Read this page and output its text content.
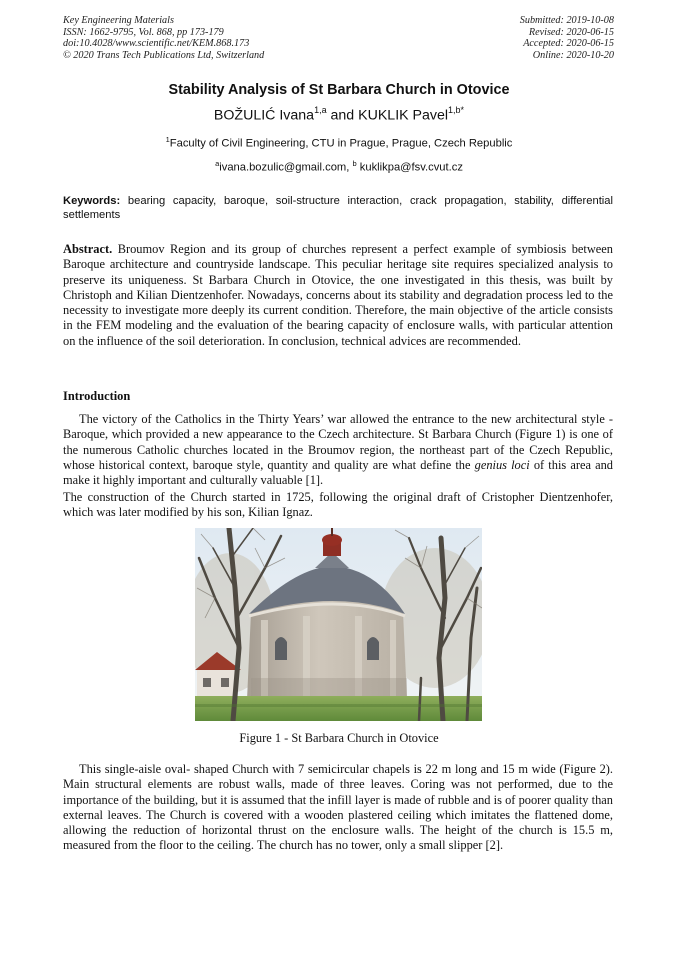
Key Engineering Materials
ISSN: 1662-9795, Vol. 868, pp 173-179
doi:10.4028/www.scientific.net/KEM.868.173
© 2020 Trans Tech Publications Ltd, Switzerland
Submitted: 2019-10-08
Revised: 2020-06-15
Accepted: 2020-06-15
Online: 2020-10-20
Stability Analysis of St Barbara Church in Otovice
BOŽULIĆ Ivana$^{1,a}$ and KUKLIK Pavel$^{1,b*}$
$^1$Faculty of Civil Engineering, CTU in Prague, Prague, Czech Republic
$^a$ivana.bozulic@gmail.com, $^b$ kuklikpa@fsv.cvut.cz
Keywords: bearing capacity, baroque, soil-structure interaction, crack propagation, stability, differential settlements
Abstract. Broumov Region and its group of churches represent a perfect example of symbiosis between Baroque architecture and countryside landscape. This peculiar heritage site requires specialized analysis to preserve its uniqueness. St Barbara Church in Otovice, the one investigated in this thesis, was built by Christoph and Kilian Dientzenhofer. Nowadays, concerns about its stability and degradation process led to the necessity to investigate more deeply its current condition. Therefore, the main objective of the article consists in the FEM modeling and the evaluation of the bearing capacity of enclosure walls, with particular attention on the influence of the soil deterioration. In conclusion, technical advices are recommended.
Introduction
The victory of the Catholics in the Thirty Years’ war allowed the entrance to the new architectural style - Baroque, which provided a new appearance to the Czech architecture. St Barbara Church (Figure 1) is one of the numerous Catholic churches located in the Broumov region, the northeast part of the Czech Republic, whose historical context, baroque style, quantity and quality are what define the genius loci of this area and make it highly important and culturally valuable [1].
The construction of the Church started in 1725, following the original draft of Cristopher Dientzenhofer, which was later modified by his son, Kilian Ignaz.
Figure 1 - St Barbara Church in Otovice
This single-aisle oval- shaped Church with 7 semicircular chapels is 22 m long and 15 m wide (Figure 2). Main structural elements are robust walls, made of three leaves. Coring was not performed, due to the importance of the building, but it is assumed that the infill layer is made of rubble and is of poorer quality than external leaves. The Church is covered with a wooden plastered ceiling which imitates the flattened dome, allowing the reduction of horizontal thrust on the enclosure walls. The height of the church is 15.5 m, measured from the floor to the ceiling. The church has no tower, only a small slipper [2].
